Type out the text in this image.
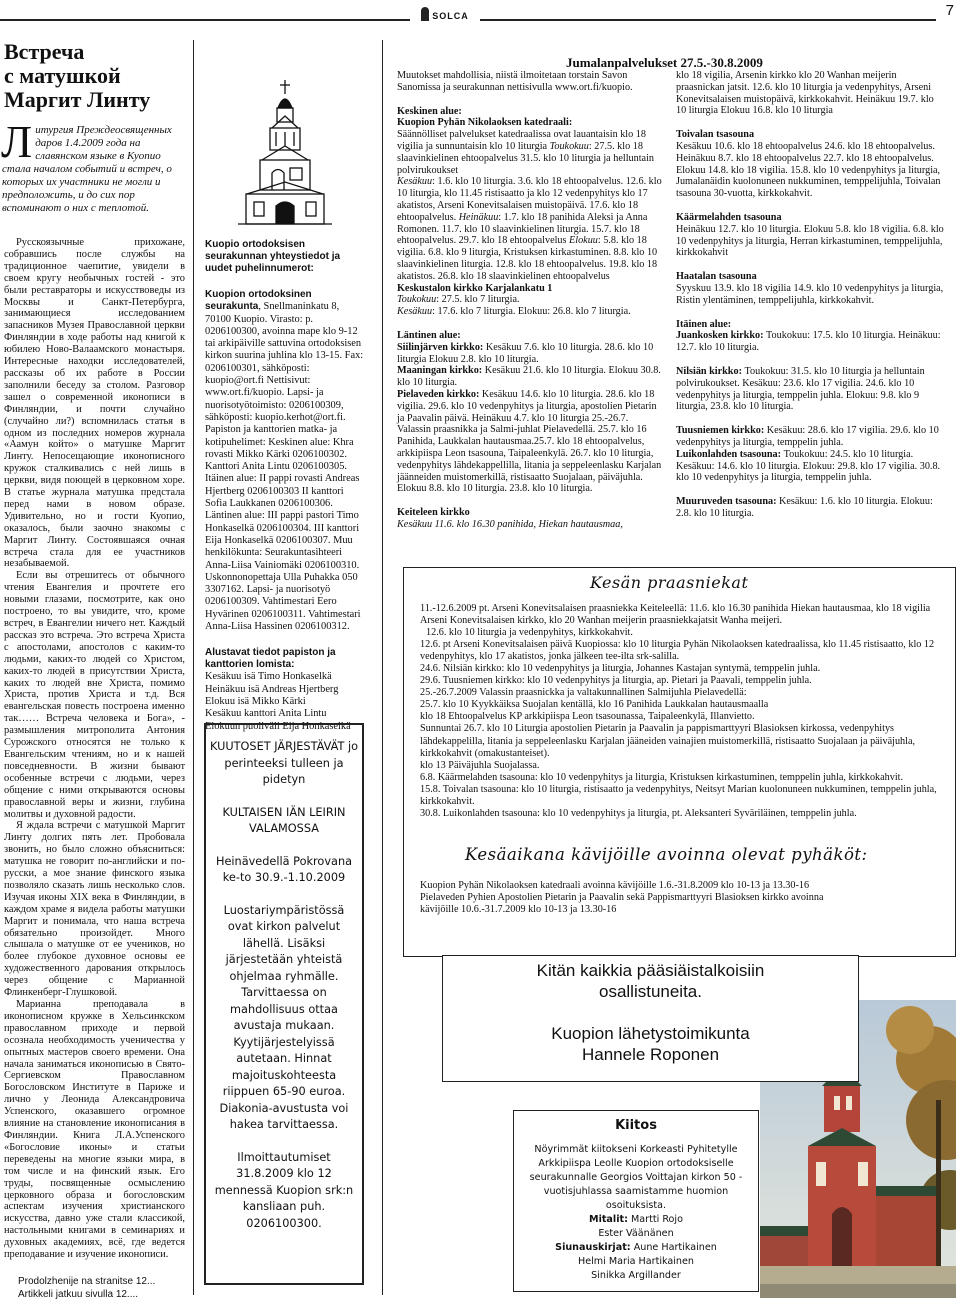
SOLCA	7
Встреча
с матушкой
Маргит Линту
Литургия Преждеосвященных даров 1.4.2009 года на славянском языке в Куопио стала началом событий и встреч, о которых их участники не могли и предположить, и до сих пор вспоминают о них с теплотой.

Русскоязычные прихожане, собравшись после службы на традиционное чаепитие, увидели в своем кругу необычных гостей - это были реставраторы и искусствоведы из Москвы и Санкт-Петербурга, занимающиеся исследованием запасников Музея Православной церкви Финляндии в ходе работы над книгой к юбилею Ново-Валаамского монастыря. Интересные находки исследователей, рассказы об их работе в России заполнили беседу за столом. Разговор зашел о современной иконописи в Финляндии, и почти случайно (случайно ли?) вспомнилась статья в одном из последних номеров журнала «Аамун който» о матушке Маргит Линту. Непосещающие иконописного кружок сталкивались с ней лишь в церкви, видя поющей в церковном хоре. В статье журнала матушка предстала перед нами в новом образе. Удивительно, но и гости Куопио, оказалось, были заочно знакомы с Маргит Линту. Состоявшаяся очная встреча стала для ее участников незабываемой.

Если вы отрешитесь от обычного чтения Евангелия и прочтете его новыми глазами, посмотрите, как оно построено, то вы увидите, что, кроме встреч, в Евангелии ничего нет. Каждый рассказ это встреча. Это встреча Христа с апостолами, апостолов с каким-то людьми, каких-то людей со Христом, каких-то людей в присутствии Христа, каких то людей вне Христа, помимо Христа, против Христа и т.д. Вся евангельская повесть построена именно так…… Встреча человека и Бога», - размышления митрополита Антония Сурожского относятся не только к Евангельским чтениям, но и к нашей повседневности. В жизни бывают особенные встречи с людьми, через общение с ними открываются основы православной веры и жизни, глубина молитвы и духовной радости.

Я ждала встречи с матушкой Маргит Линту долгих пять лет. Пробовала звонить, но было сложно объясниться: матушка не говорит по-английски и по-русски, а мое знание финского языка позволяло сказать лишь несколько слов. Изучая иконы XIX века в Финляндии, в каждом храме я видела работы матушки Маргит и понимала, что наша встреча обязательно произойдет. Много слышала о матушке от ее учеников, но более глубокое духовное основы ее художественного дарования открылось через общение с Марианной Флинкенберг-Глушковой.

Марианна преподавала в иконописном кружке в Хельсинкском православном приходе и первой осознала необходимость ученичества у опытных мастеров своего времени. Она начала заниматься иконописью в Свято-Сергиевском Православном Богословском Институте в Париже и лично у Леонида Александровича Успенского, оказавшего огромное влияние на становление иконописания в Финляндии. Книга Л.А.Успенского «Богословие иконы» и статьи переведены на многие языки мира, в том числе и на финский язык. Его труды, посвященные осмыслению церковного образа и богословским аспектам изучения христианского искусства, давно уже стали классикой, настольными книгами в семинариях и духовных академиях, всё, где ведется преподавание и изучение иконописи.

Prodolzhenije na stranitse 12...
Artikkeli jatkuu sivulla 12....
Kuopio ortodoksisen seurakunnan yhteystiedot ja uudet puhelinnumerot:
Kuopion ortodoksinen seurakunta, Snellmaninkatu 8, 70100 Kuopio. Virasto: p. 0206100300, avoinna mape klo 9-12 tai arkipäiville sattuvina ortodoksisen kirkon suurina juhlina klo 13-15. Fax: 0206100301, sähköposti: kuopio@ort.fi Nettisivut: www.ort.fi/kuopio. Lapsi- ja nuorisotyötoimisto: 0206100309, sähköposti: kuopio.kerhot@ort.fi. Papiston ja kanttorien matka- ja kotipuhelimet: Keskinen alue: Khra rovasti Mikko Kärki 0206100302. Kanttori Anita Lintu 0206100305. Itäinen alue: II pappi rovasti Andreas Hjertberg 0206100303 II kanttori Sofia Laukkanen 0206100306. Läntinen alue: III pappi pastori Timo Honkaselkä 0206100304. III kanttori Eija Honkaselkä 0206100307. Muu henkilökunta: Seurakuntasihteeri Anna-Liisa Vainiomäki 0206100310. Uskonnonopettaja Ulla Puhakka 050 3307162. Lapsi- ja nuorisotyö 0206100309. Vahtimestari Eero Hyvärinen 0206100311. Vahtimestari Anna-Liisa Hassinen 0206100312.
Alustavat tiedot papiston ja kanttorien lomista:
Kesäkuu isä Timo Honkaselkä
Heinäkuu isä Andreas Hjertberg
Elokuu isä Mikko Kärki
Kesäkuu kanttori Anita Lintu
Elokuun puoliväli Eija Honkaselkä

KUUTOSET JÄRJESTÄVÄT jo perinteeksi tulleen ja pidetyn

KULTAISEN IÄN LEIRIN VALAMOSSA

Heinävedellä Pokrovana ke-to 30.9.-1.10.2009

Luostariympäristössä ovat kirkon palvelut lähellä. Lisäksi järjestetään yhteistä ohjelmaa ryhmälle. Tarvittaessa on mahdollisuus ottaa avustaja mukaan. Kyytijärjestelyissä autetaan. Hinnat majoituskohteesta riippuen 65-90 euroa. Diakonia-avustusta voi hakea tarvittaessa.

Ilmoittautumiset 31.8.2009 klo 12 mennessä Kuopion srk:n kansliaan puh. 0206100300.

Jumalanpalvelukset 27.5.-30.8.2009

Muutokset mahdollisia, niistä ilmoitetaan torstain Savon Sanomissa ja seurakunnan nettisivulla www.ort.fi/kuopio.

Keskinen alue:

Kuopion Pyhän Nikolaoksen katedraali:

Säännölliset palvelukset katedraalissa ovat lauantaisin klo 18 vigilia ja sunnuntaisin klo 10 liturgia Toukokuu: 27.5. klo 18 slaavinkielinen ehtoopalvelus 31.5. klo 10 liturgia ja helluntain polvirukoukset

Kesäkuu: 1.6. klo 10 liturgia. 3.6. klo 18 ehtoopalvelus. 12.6. klo 10 liturgia, klo 11.45 ristisaatto ja klo 12 vedenpyhitys klo 17 akatistos, Arseni Konevitsalaisen muistopäivä. 17.6. klo 18 ehtoopalvelus. Heinäkuu: 1.7. klo 18 panihida Aleksi ja Anna Romonen. 11.7. klo 10 slaavinkielinen liturgia. 15.7. klo 18 ehtoopalvelus. 29.7. klo 18 ehtoopalvelus Elokuu: 5.8. klo 18 vigilia. 6.8. klo 9 liturgia, Kristuksen kirkastuminen. 8.8. klo 10 slaavinkielinen liturgia. 12.8. klo 18 ehtoopalvelus. 19.8. klo 18 akatistos. 26.8. klo 18 slaavinkielinen ehtoopalvelus

Keskustalon kirkko Karjalankatu 1

Toukokuu: 27.5. klo 7 liturgia.

Kesäkuu: 17.6. klo 7 liturgia. Elokuu: 26.8. klo 7 liturgia.

Läntinen alue:

Siilinjärven kirkko: Kesäkuu 7.6. klo 10 liturgia. 28.6. klo 10 liturgia Elokuu 2.8. klo 10 liturgia.

Maaningan kirkko: Kesäkuu 21.6. klo 10 liturgia. Elokuu 30.8. klo 10 liturgia.

Pielaveden kirkko: Kesäkuu 14.6. klo 10 liturgia. 28.6. klo 18 vigilia. 29.6. klo 10 vedenpyhitys ja liturgia, apostolien Pietarin ja Paavalin päivä. Heinäkuu 4.7. klo 10 liturgia 25.-26.7. Valassin praasnikka ja Salmi-juhlat Pielavedellä. 25.7. klo 16 Panihida, Laukkalan hautausmaa.25.7. klo 18 ehtoopalvelus, arkkipiispa Leon tsasouna, Taipaleenkylä. 26.7. klo 10 liturgia, vedenpyhitys lähdekappellilla, litania ja seppeleenlasku Karjalan jäänneiden muistomerkillä, ristisaatto Suojalaan, päiväjuhla. Elokuu 8.8. klo 10 liturgia. 23.8. klo 10 liturgia.

Keiteleen kirkko

Kesäkuu 11.6. klo 16.30 panihida, Hiekan hautausmaa,

klo 18 vigilia, Arsenin kirkko klo 20 Wanhan meijerin praasnickan jatsit. 12.6. klo 10 liturgia ja vedenpyhitys, Arseni Konevitsalaisen muistopäivä, kirkkokahvit. Heinäkuu 19.7. klo 10 liturgia Elokuu 16.8. klo 10 liturgia

Toivalan tsasouna

Kesäkuu 10.6. klo 18 ehtoopalvelus 24.6. klo 18 ehtoopalvelus. Heinäkuu 8.7. klo 18 ehtoopalvelus 22.7. klo 18 ehtoopalvelus. Elokuu 14.8. klo 18 vigilia. 15.8. klo 10 vedenpyhitys ja liturgia, Jumalanäidin kuolonuneen nukkuminen, temppelijuhla, Toivalan tsasouna 30-vuotta, kirkkokahvit.

Käärmelahden tsasouna

Heinäkuu 12.7. klo 10 liturgia. Elokuu 5.8. klo 18 vigilia. 6.8. klo 10 vedenpyhitys ja liturgia, Herran kirkastuminen, temppelijuhla, kirkkokahvit

Haatalan tsasouna

Syyskuu 13.9. klo 18 vigilia 14.9. klo 10 vedenpyhitys ja liturgia, Ristin ylentäminen, temppelijuhla, kirkkokahvit.

Itäinen alue:

Juankosken kirkko: Toukokuu: 17.5. klo 10 liturgia. Heinäkuu: 12.7. klo 10 liturgia.

Nilsiän kirkko: Toukokuu: 31.5. klo 10 liturgia ja helluntain polvirukoukset. Kesäkuu: 23.6. klo 17 vigilia. 24.6. klo 10 vedenpyhitys ja liturgia, temppelin juhla. Elokuu: 9.8. klo 9 liturgia, 23.8. klo 10 liturgia.

Tuusniemen kirkko: Kesäkuu: 28.6. klo 17 vigilia. 29.6. klo 10 vedenpyhitys ja liturgia, temppelin juhla.

Luikonlahden tsasouna: Toukokuu: 24.5. klo 10 liturgia. Kesäkuu: 14.6. klo 10 liturgia. Elokuu: 29.8. klo 17 vigilia. 30.8. klo 10 vedenpyhitys ja liturgia, temppelin juhla.

Muuruveden tsasouna: Kesäkuu: 1.6. klo 10 liturgia. Elokuu: 2.8. klo 10 liturgia.

Kesän praasniekat
11.-12.6.2009 pt. Arseni Konevitsalaisen praasniekka Keiteleellä: 11.6. klo 16.30 panihida Hiekan hautausmaa, klo 18 vigilia Arseni Konevitsalaisen kirkko, klo 20 Wanhan meijerin praasniekkajatsit Wanha meijeri.
12.6. klo 10 liturgia ja vedenpyhitys, kirkkokahvit.
12.6. pt Arseni Konevitsalaisen päivä Kuopiossa: klo 10 liturgia Pyhän Nikolaoksen katedraalissa, klo 11.45 ristisaatto, klo 12 vedenpyhitys, klo 17 akatistos, jonka jälkeen tee-ilta srk-salilla.
24.6. Nilsiän kirkko: klo 10 vedenpyhitys ja liturgia, Johannes Kastajan syntymä, temppelin juhla.
29.6. Tuusniemen kirkko: klo 10 vedenpyhitys ja liturgia, ap. Pietari ja Paavali, temppelin juhla.
25.-26.7.2009 Valassin praasnickka ja valtakunnallinen Salmijuhla Pielavedellä:
25.7. klo 10 Kyykkäiksa Suojalan kentällä, klo 16 Panihida Laukkalan hautausmaalla
klo 18 Ehtoopalvelus KP arkkipiispa Leon tsasounassa, Taipaleenkylä, Illanvietto.
Sunnuntai 26.7. klo 10 Liturgia apostolien Pietarin ja Paavalin ja pappismarttyyri Blasioksen kirkossa, vedenpyhitys lähdekappelilla, litania ja seppeleenlasku Karjalan jääneiden vainajien muistomerkillä, ristisaatto Suojalaan ja päiväjuhla, kirkkokahvit (omakustanteiset).
klo 13 Päiväjuhla Suojalassa.
6.8. Käärmelahden tsasouna: klo 10 vedenpyhitys ja liturgia, Kristuksen kirkastuminen, temppelin juhla, kirkkokahvit.
15.8. Toivalan tsasouna: klo 10 liturgia, ristisaatto ja vedenpyhitys, Neitsyt Marian kuolonuneen nukkuminen, temppelin juhla, kirkkokahvit.
30.8. Luikonlahden tsasouna: klo 10 vedenpyhitys ja liturgia, pt. Aleksanteri Syväriläinen, temppelin juhla.
Kesäaikana kävijöille avoinna olevat pyhäköt:
Kuopion Pyhän Nikolaoksen katedraali avoinna kävijöille 1.6.-31.8.2009 klo 10-13 ja 13.30-16
Pielaveden Pyhien Apostolien Pietarin ja Paavalin sekä Pappismarttyyri Blasioksen kirkko avoinna
kävijöille 10.6.-31.7.2009 klo 10-13 ja 13.30-16
Kitän kaikkia pääsiäistalkoisiin
osallistuneita.
Kuopion lähetystoimikunta
Hannele Roponen
Kiitos
Nöyrimmät kiitokseni Korkeasti Pyhitetylle Arkkipiispa Leolle Kuopion ortodoksiselle seurakunnalle Georgios Voittajan kirkon 50 -vuotisjuhlassa saamistamme huomion osoituksista.
Mitalit: Martti Rojo
Ester Väänänen
Siunauskirjat: Aune Hartikainen
Helmi Maria Hartikainen
Sinikka Argillander
